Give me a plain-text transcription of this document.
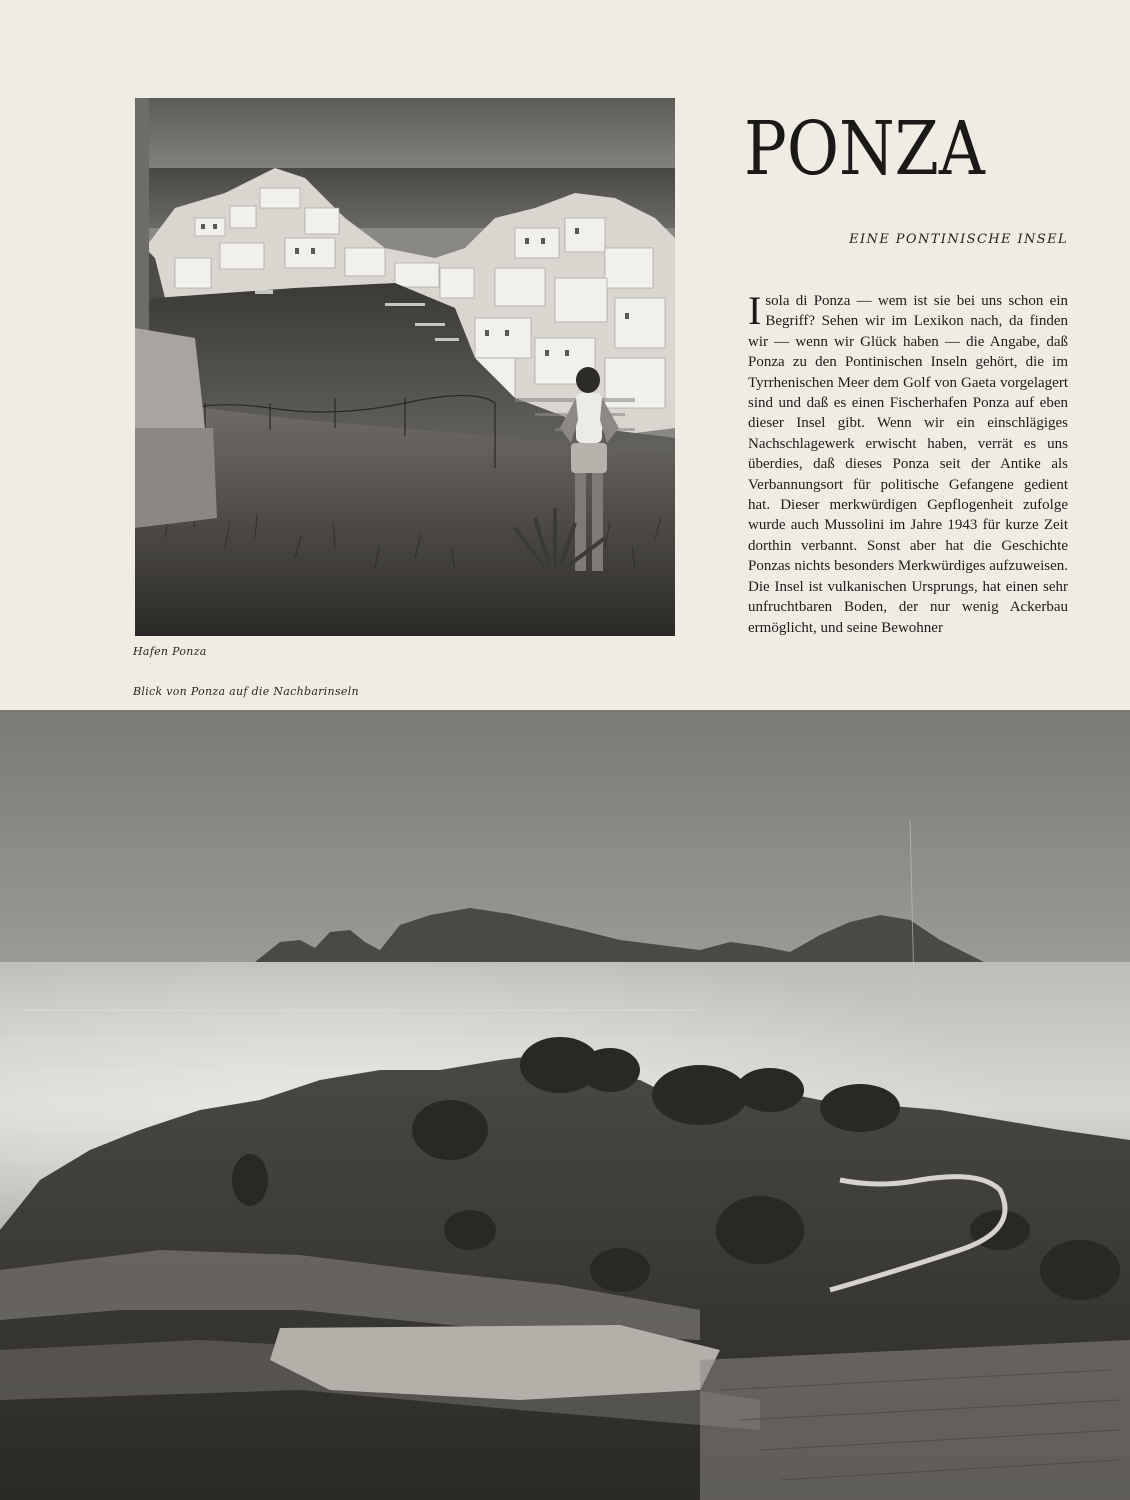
Hafen Ponza
PONZA
EINE PONTINISCHE INSEL

Isola di Ponza — wem ist sie bei uns schon ein Begriff? Sehen wir im Lexikon nach, da finden wir — wenn wir Glück haben — die Angabe, daß Ponza zu den Pontinischen Inseln gehört, die im Tyrrhenischen Meer dem Golf von Gaeta vorgelagert sind und daß es einen Fischerhafen Ponza auf eben dieser Insel gibt. Wenn wir ein einschlägiges Nachschlagewerk erwischt haben, verrät es uns überdies, daß dieses Ponza seit der Antike als Verbannungsort für politische Gefangene gedient hat. Dieser merkwürdigen Gepflogenheit zufolge wurde auch Mussolini im Jahre 1943 für kurze Zeit dorthin verbannt. Sonst aber hat die Geschichte Ponzas nichts besonders Merkwürdiges aufzuweisen. Die Insel ist vulkanischen Ursprungs, hat einen sehr unfruchtbaren Boden, der nur wenig Ackerbau ermöglicht, und seine Bewohner

Blick von Ponza auf die Nachbarinseln
